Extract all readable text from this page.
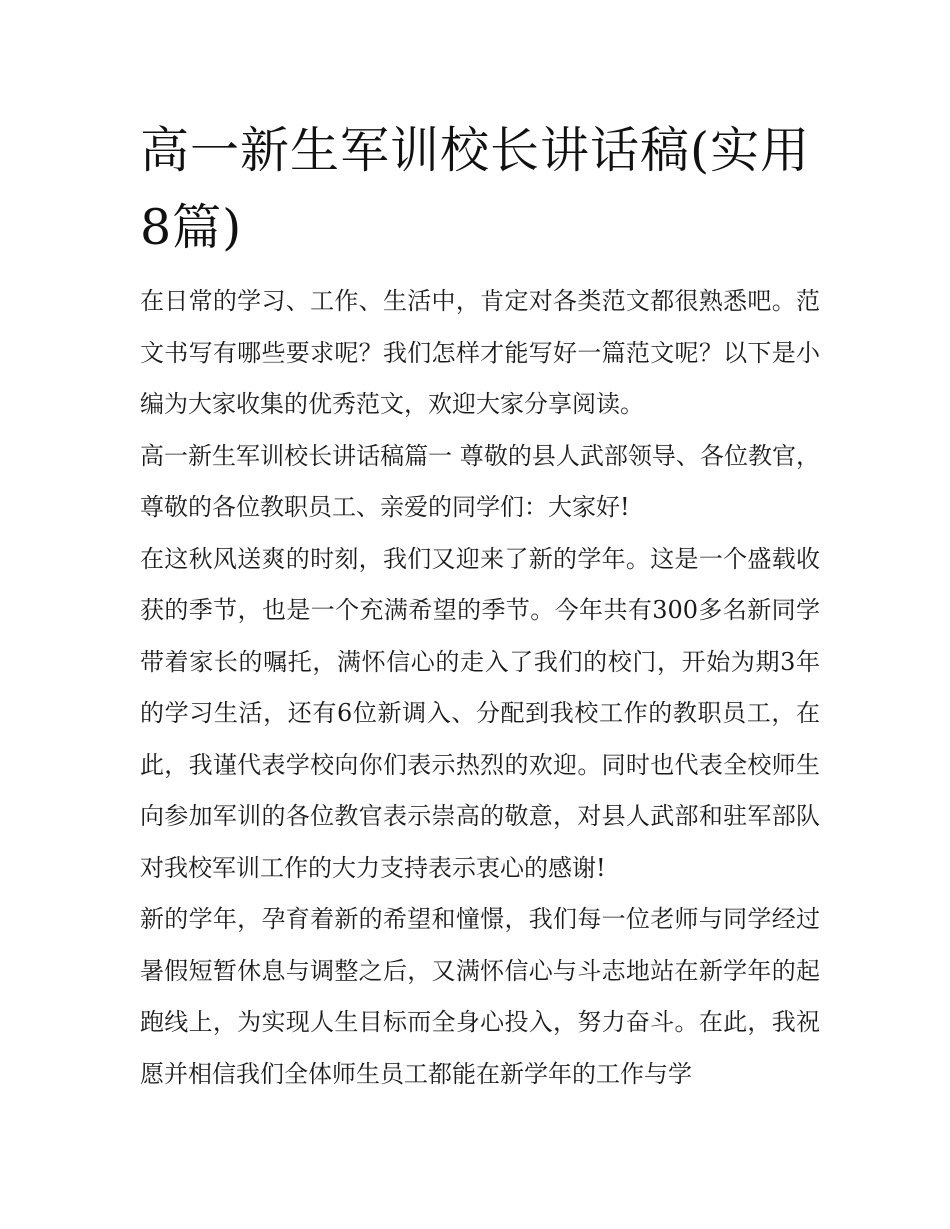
高一新生军训校长讲话稿(实用8篇)

在日常的学习、工作、生活中，肯定对各类范文都很熟悉吧。范文书写有哪些要求呢？我们怎样才能写好一篇范文呢？以下是小编为大家收集的优秀范文，欢迎大家分享阅读。

高一新生军训校长讲话稿篇一 尊敬的县人武部领导、各位教官，尊敬的各位教职员工、亲爱的同学们：大家好!

在这秋风送爽的时刻，我们又迎来了新的学年。这是一个盛载收获的季节，也是一个充满希望的季节。今年共有300多名新同学带着家长的嘱托，满怀信心的走入了我们的校门，开始为期3年的学习生活，还有6位新调入、分配到我校工作的教职员工，在此，我谨代表学校向你们表示热烈的欢迎。同时也代表全校师生向参加军训的各位教官表示崇高的敬意，对县人武部和驻军部队对我校军训工作的大力支持表示衷心的感谢!

新的学年，孕育着新的希望和憧憬，我们每一位老师与同学经过暑假短暂休息与调整之后，又满怀信心与斗志地站在新学年的起跑线上，为实现人生目标而全身心投入，努力奋斗。在此，我祝愿并相信我们全体师生员工都能在新学年的工作与学
